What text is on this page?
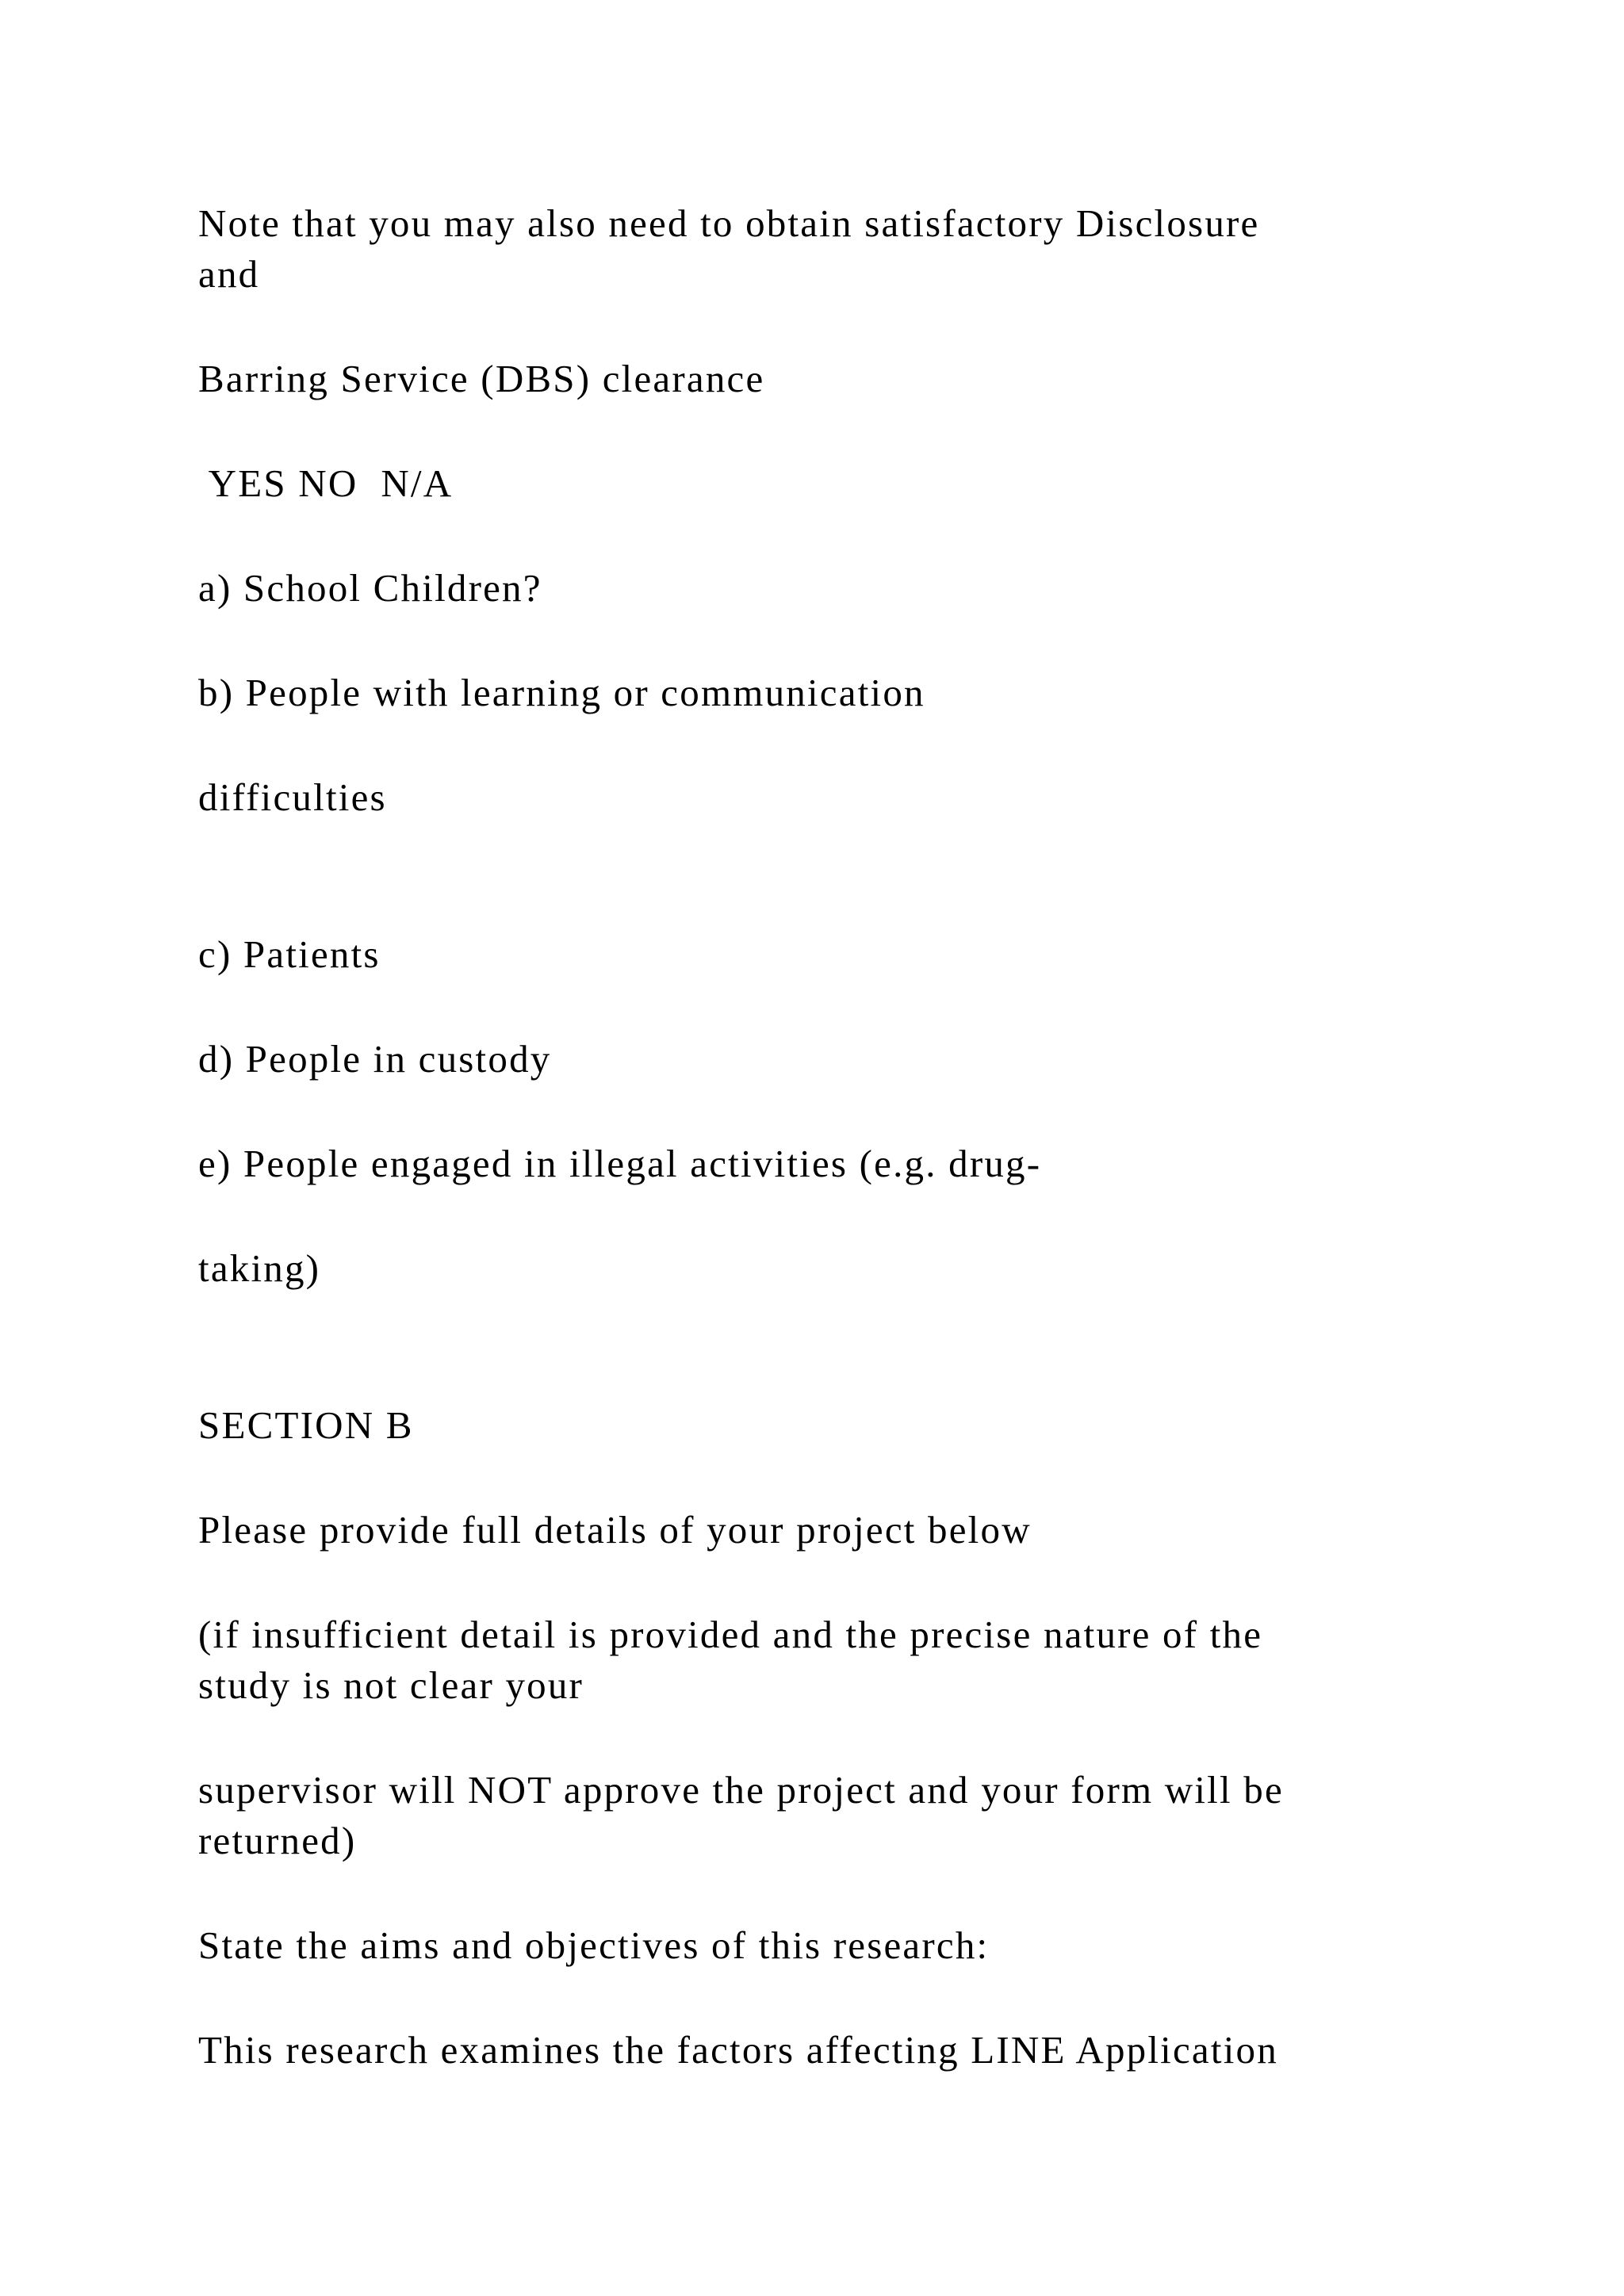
Note that you may also need to obtain satisfactory Disclosure

and

Barring Service (DBS) clearance

YES NO  N/A

a) School Children?

b) People with learning or communication

difficulties

c) Patients

d) People in custody

e) People engaged in illegal activities (e.g. drug-

taking)

SECTION B

Please provide full details of your project below

(if insufficient detail is provided and the precise nature of the

study is not clear your

supervisor will NOT approve the project and your form will be

returned)

State the aims and objectives of this research:

This research examines the factors affecting LINE Application
